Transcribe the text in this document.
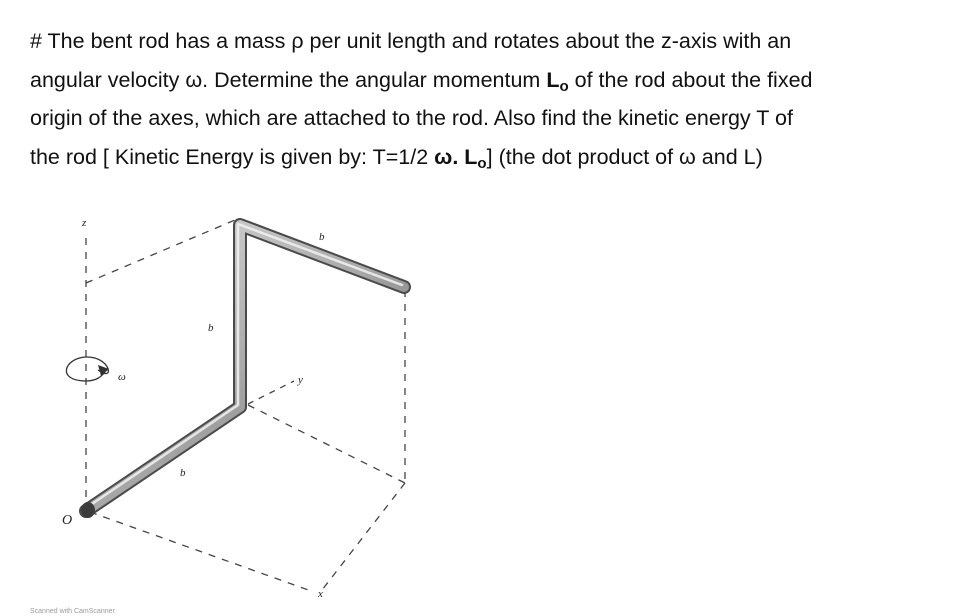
# The bent rod has a mass ρ per unit length and rotates about the z-axis with an
angular velocity ω. Determine the angular momentum $L_o$ of the rod about the fixed
origin of the axes, which are attached to the rod. Also find the kinetic energy T of
the rod [ Kinetic Energy is given by: T=1/2 ω. $L_o$] (the dot product of ω and L)
z
ω	y
x
b
b
b
O
Scanned with CamScanner
